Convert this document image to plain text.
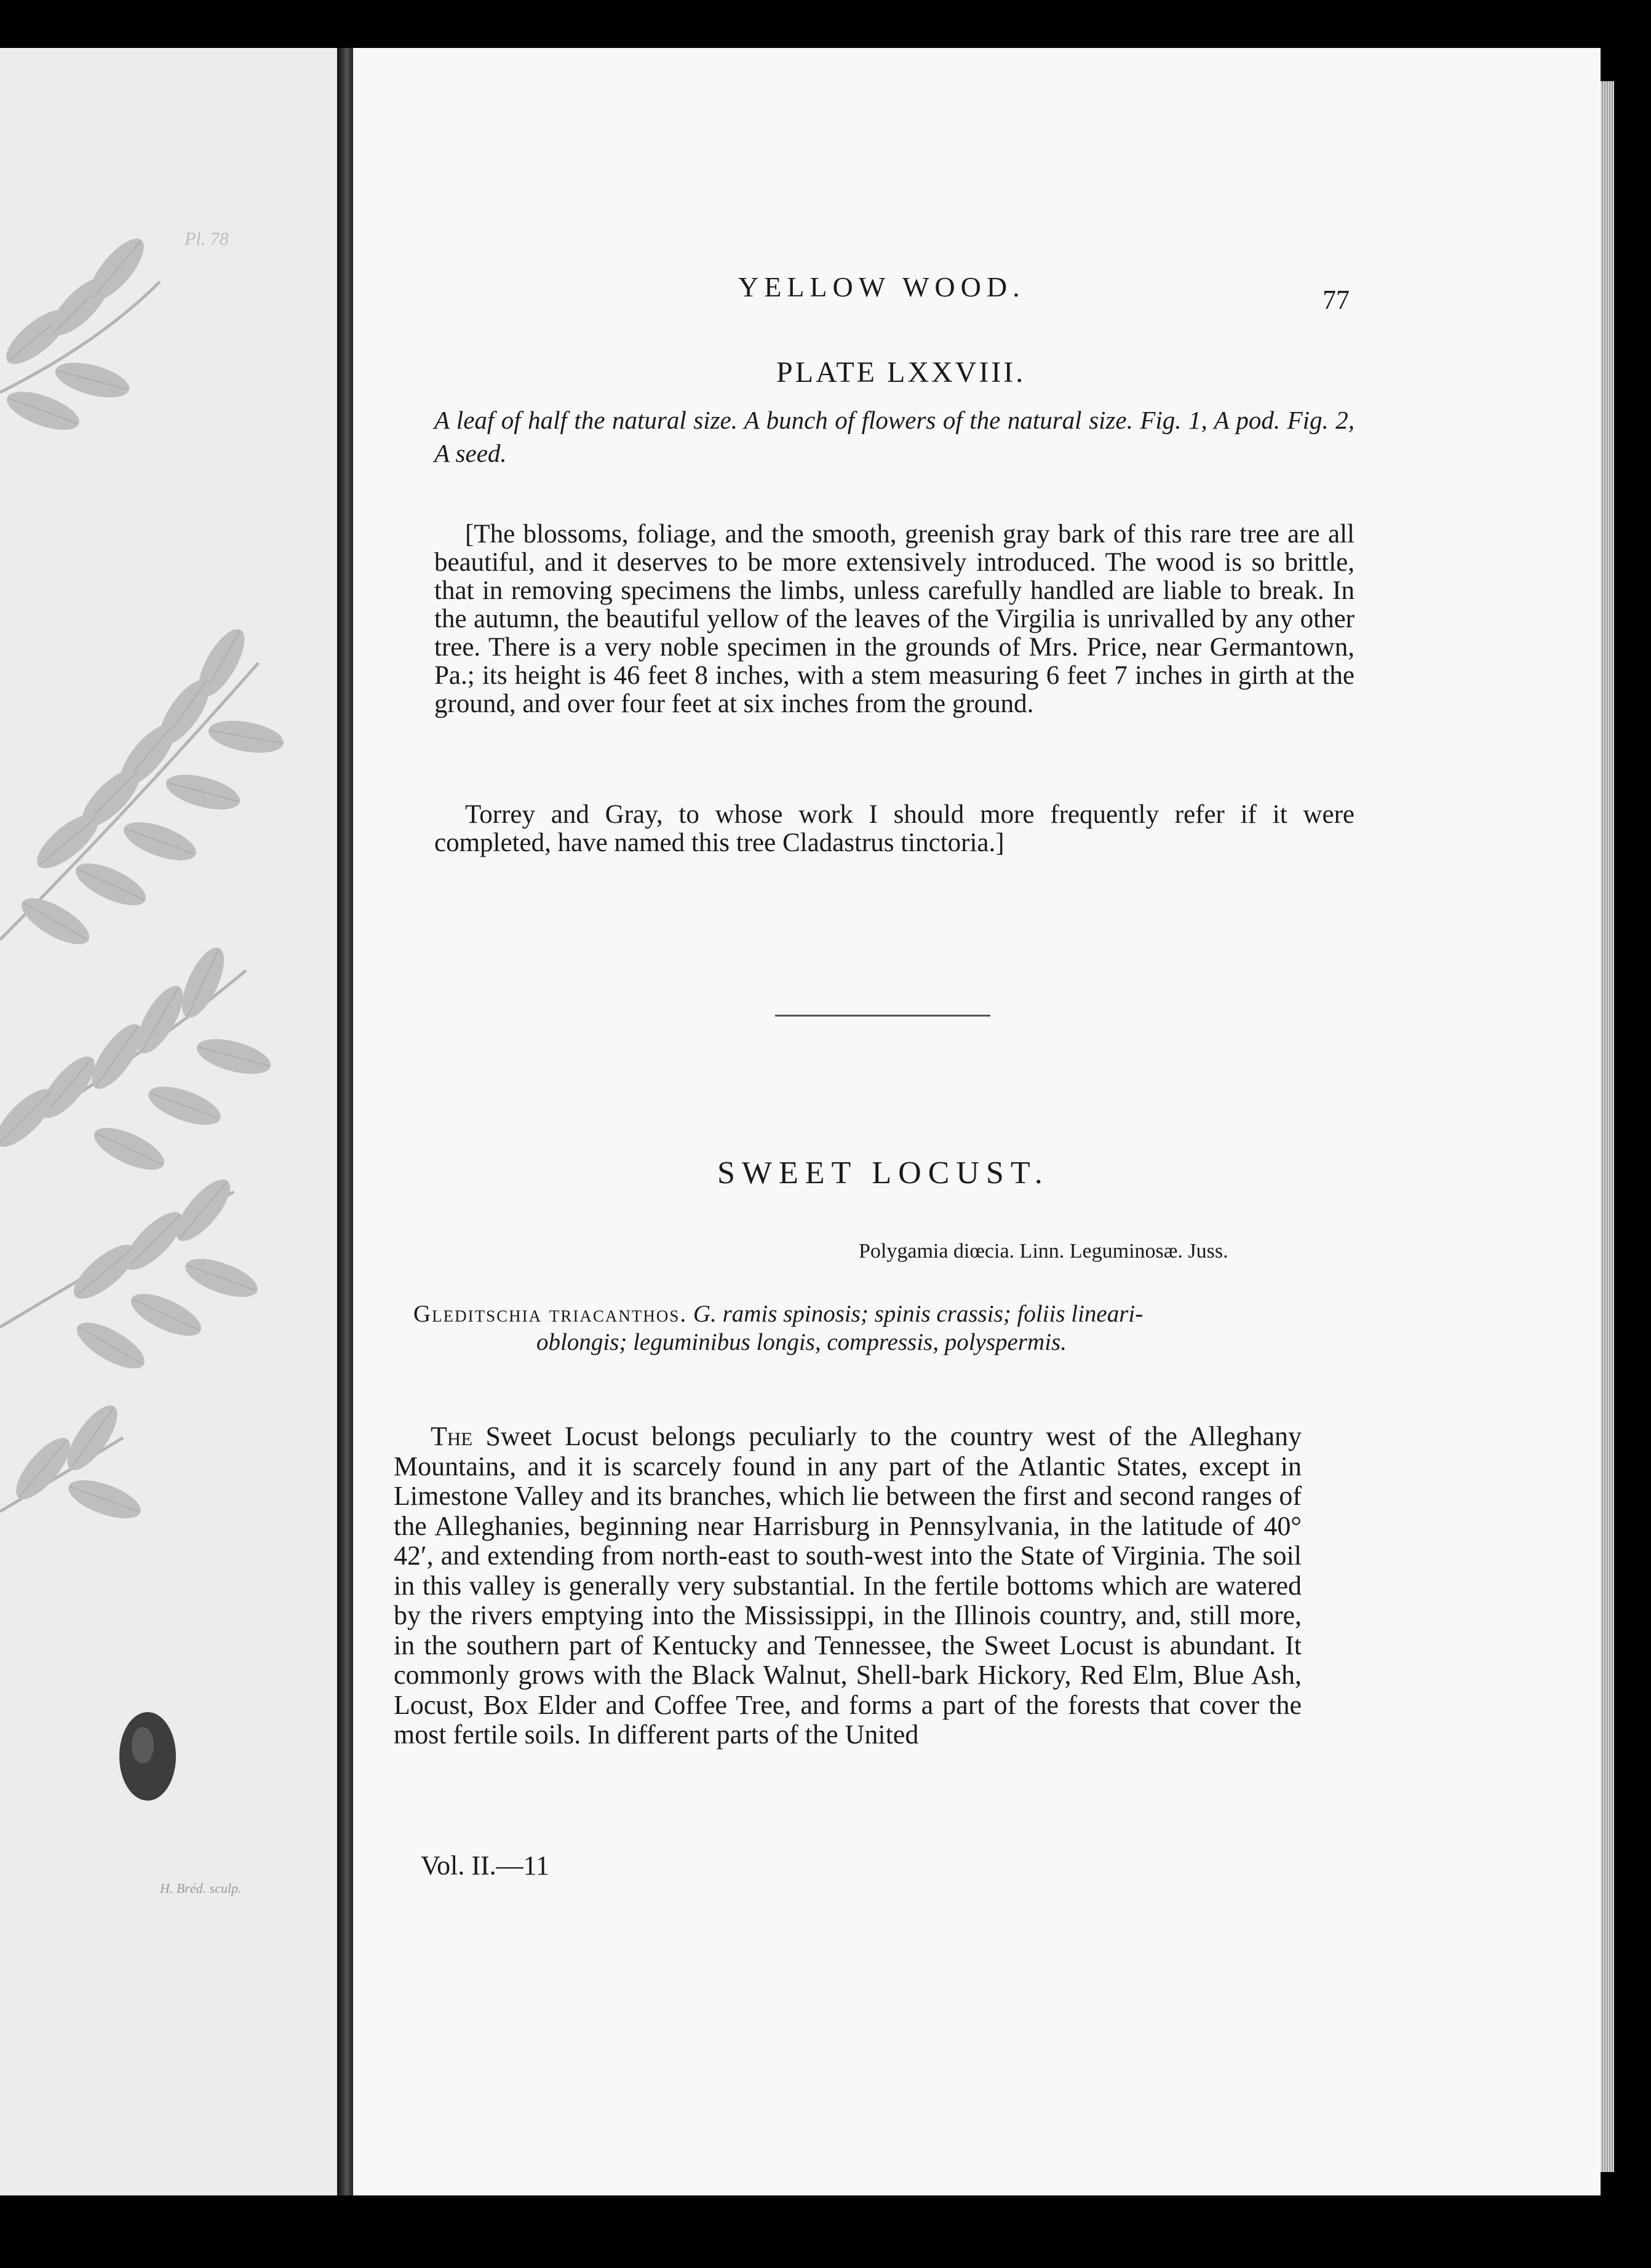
Pl. 78
H. Bréd. sculp.

YELLOW WOOD.	77

PLATE LXXVIII.

A leaf of half the natural size. A bunch of flowers of the natural size. Fig. 1, A pod. Fig. 2, A seed.

[The blossoms, foliage, and the smooth, greenish gray bark of this rare tree are all beautiful, and it deserves to be more extensively introduced. The wood is so brittle, that in removing specimens the limbs, unless carefully handled are liable to break. In the autumn, the beautiful yellow of the leaves of the Virgilia is unrivalled by any other tree. There is a very noble specimen in the grounds of Mrs. Price, near Germantown, Pa.; its height is 46 feet 8 inches, with a stem measuring 6 feet 7 inches in girth at the ground, and over four feet at six inches from the ground.

Torrey and Gray, to whose work I should more frequently refer if it were completed, have named this tree Cladastrus tinctoria.]

SWEET LOCUST.

Polygamia diœcia. Linn. Leguminosæ. Juss.

Gleditschia triacanthos. G. ramis spinosis; spinis crassis; foliis lineari-
oblongis; leguminibus longis, compressis, polyspermis.

The Sweet Locust belongs peculiarly to the country west of the Alleghany Mountains, and it is scarcely found in any part of the Atlantic States, except in Limestone Valley and its branches, which lie between the first and second ranges of the Alleghanies, beginning near Harrisburg in Pennsylvania, in the latitude of 40° 42′, and extending from north-east to south-west into the State of Virginia. The soil in this valley is generally very substantial. In the fertile bottoms which are watered by the rivers emptying into the Mississippi, in the Illinois country, and, still more, in the southern part of Kentucky and Tennessee, the Sweet Locust is abundant. It commonly grows with the Black Walnut, Shell-bark Hickory, Red Elm, Blue Ash, Locust, Box Elder and Coffee Tree, and forms a part of the forests that cover the most fertile soils. In different parts of the United

Vol. II.—11
